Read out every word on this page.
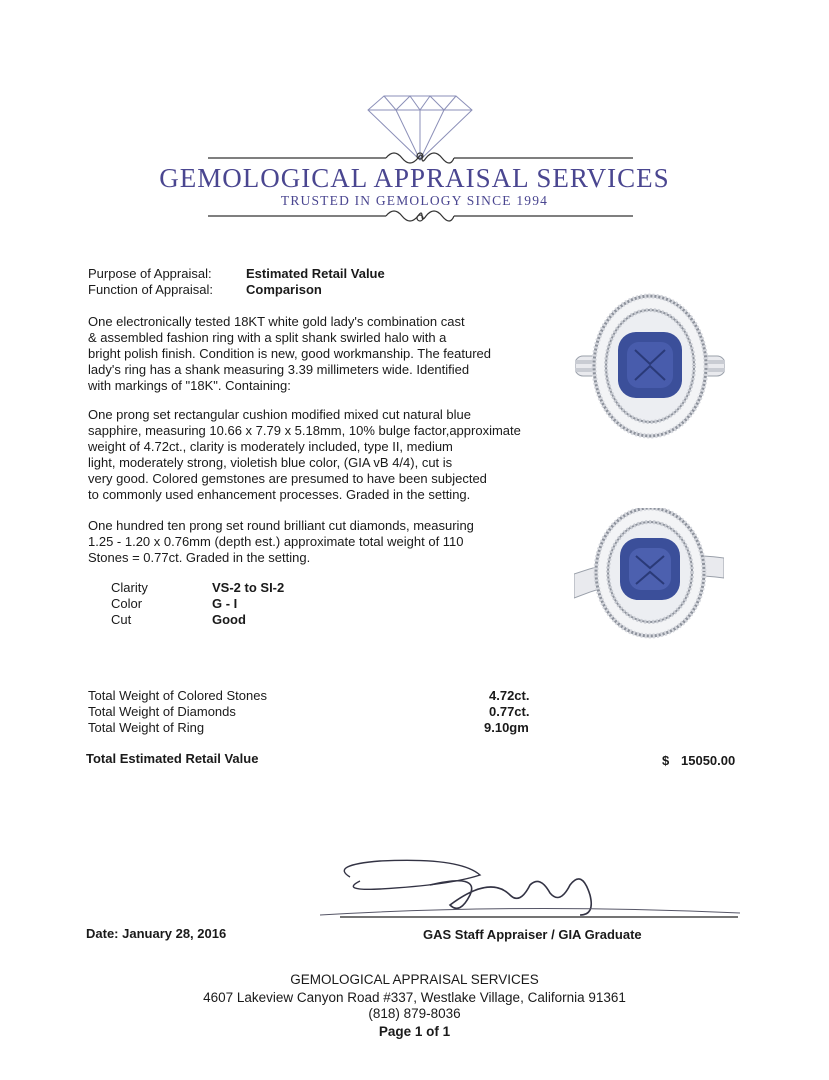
GEMOLOGICAL APPRAISAL SERVICES
TRUSTED IN GEMOLOGY SINCE 1994
Purpose of Appraisal:	Estimated Retail Value
Function of Appraisal:	Comparison
One electronically tested 18KT white gold lady's combination cast
& assembled fashion ring with a split shank swirled halo with a
bright polish finish. Condition is new, good workmanship. The featured
lady's ring has a shank measuring 3.39 millimeters wide. Identified
with markings of "18K". Containing:
One prong set rectangular cushion modified mixed cut natural blue
sapphire, measuring 10.66 x 7.79 x 5.18mm, 10% bulge factor,approximate
weight of 4.72ct., clarity is moderately included, type II, medium
light, moderately strong, violetish blue color, (GIA vB 4/4), cut is
very good. Colored gemstones are presumed to have been subjected
to commonly used enhancement processes. Graded in the setting.
One hundred ten prong set round brilliant cut diamonds, measuring
1.25 - 1.20 x 0.76mm (depth est.) approximate total weight of 110
Stones = 0.77ct. Graded in the setting.
Clarity	VS-2 to SI-2
Color	G - I
Cut	Good
Total Weight of Colored Stones	4.72ct.
Total Weight of Diamonds	0.77ct.
Total Weight of Ring	9.10gm
Total Estimated Retail Value	$ 15050.00
Date: January 28, 2016	GAS Staff Appraiser / GIA Graduate
GEMOLOGICAL APPRAISAL SERVICES
4607 Lakeview Canyon Road #337, Westlake Village, California 91361
(818) 879-8036
Page 1 of 1
